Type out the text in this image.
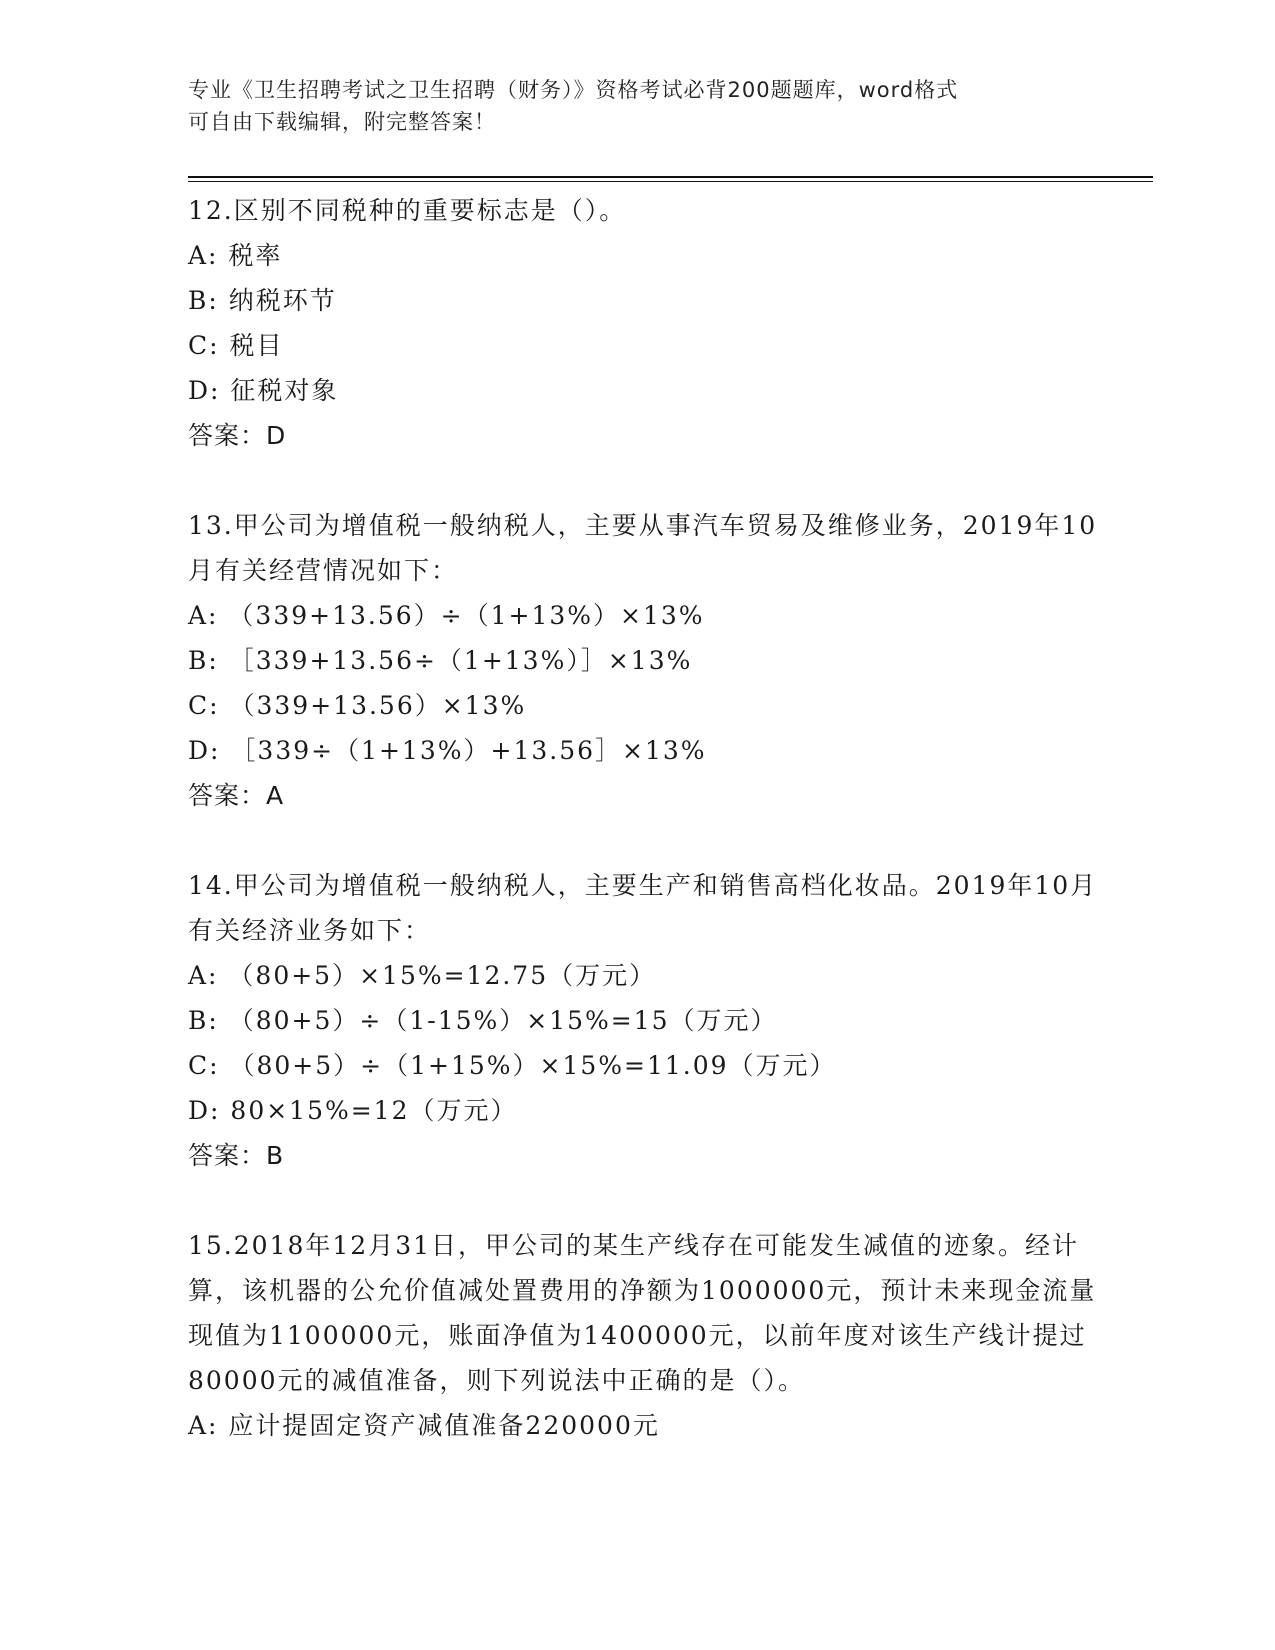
专业《卫生招聘考试之卫生招聘（财务）》资格考试必背200题题库，word格式
可自由下载编辑，附完整答案！
12.区别不同税种的重要标志是（）。
A: 税率
B: 纳税环节
C: 税目
D: 征税对象
答案：D
13.甲公司为增值税一般纳税人，主要从事汽车贸易及维修业务，2019年10月有关经营情况如下：
A: （339+13.56）÷（1+13%）×13%
B: ［339+13.56÷（1+13%）］×13%
C: （339+13.56）×13%
D: ［339÷（1+13%）+13.56］×13%
答案：A
14.甲公司为增值税一般纳税人，主要生产和销售高档化妆品。2019年10月有关经济业务如下：
A: （80+5）×15%=12.75（万元）
B: （80+5）÷（1-15%）×15%=15（万元）
C: （80+5）÷（1+15%）×15%=11.09（万元）
D: 80×15%=12（万元）
答案：B
15.2018年12月31日，甲公司的某生产线存在可能发生减值的迹象。经计算，该机器的公允价值减处置费用的净额为1000000元，预计未来现金流量现值为1100000元，账面净值为1400000元，以前年度对该生产线计提过80000元的减值准备，则下列说法中正确的是（）。
A: 应计提固定资产减值准备220000元
